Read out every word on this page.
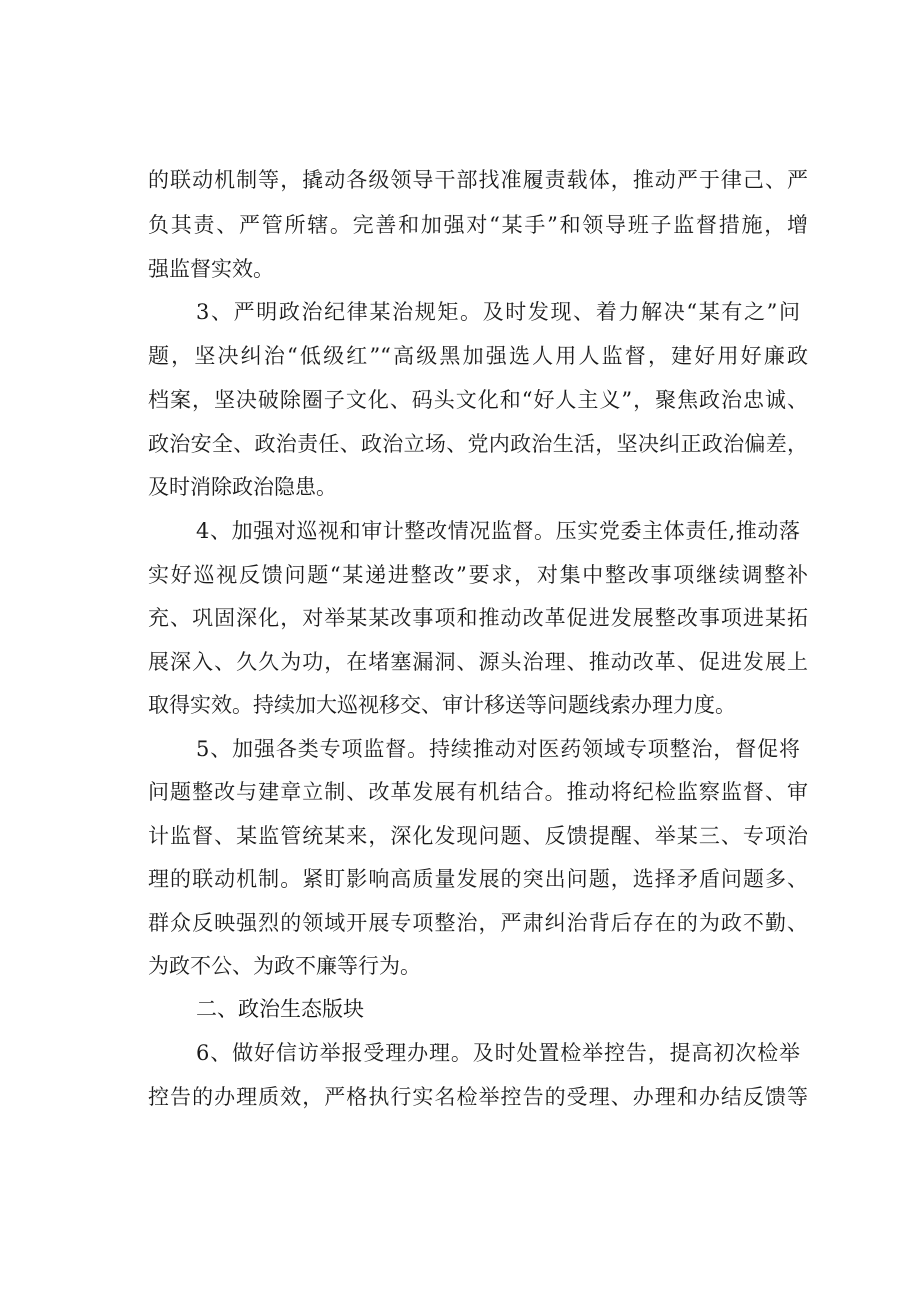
的联动机制等，撬动各级领导干部找准履责载体，推动严于律己、严
负其责、严管所辖。完善和加强对“某手”和领导班子监督措施，增
强监督实效。
3、严明政治纪律某治规矩。及时发现、着力解决“某有之”问
题，坚决纠治“低级红”“高级黑加强选人用人监督，建好用好廉政
档案，坚决破除圈子文化、码头文化和“好人主义”，聚焦政治忠诚、
政治安全、政治责任、政治立场、党内政治生活，坚决纠正政治偏差，
及时消除政治隐患。
4、加强对巡视和审计整改情况监督。压实党委主体责任,推动落
实好巡视反馈问题“某递进整改”要求，对集中整改事项继续调整补
充、巩固深化，对举某某改事项和推动改革促进发展整改事项进某拓
展深入、久久为功，在堵塞漏洞、源头治理、推动改革、促进发展上
取得实效。持续加大巡视移交、审计移送等问题线索办理力度。
5、加强各类专项监督。持续推动对医药领域专项整治，督促将
问题整改与建章立制、改革发展有机结合。推动将纪检监察监督、审
计监督、某监管统某来，深化发现问题、反馈提醒、举某三、专项治
理的联动机制。紧盯影响高质量发展的突出问题，选择矛盾问题多、
群众反映强烈的领域开展专项整治，严肃纠治背后存在的为政不勤、
为政不公、为政不廉等行为。
二、政治生态版块
6、做好信访举报受理办理。及时处置检举控告，提高初次检举
控告的办理质效，严格执行实名检举控告的受理、办理和办结反馈等
